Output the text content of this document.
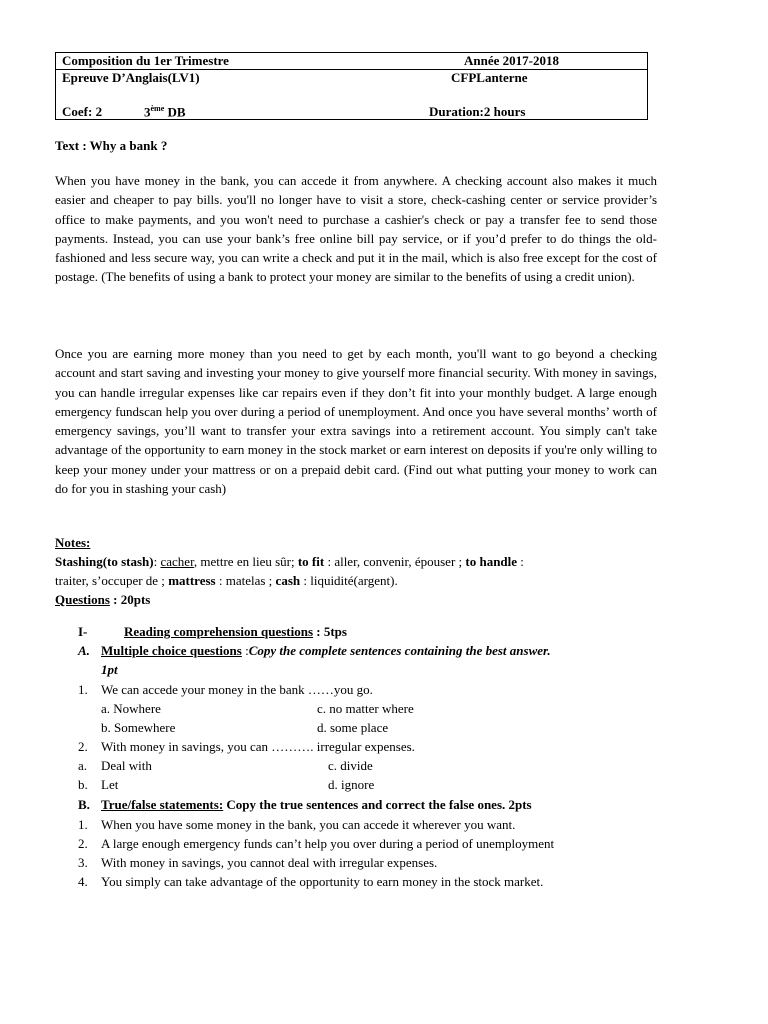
Composition du 1er Trimestre	Année 2017-2018
Epreuve D’Anglais(LV1)	CFPLanterne
Coef: 2	3ème DB	Duration:2 hours
Text : Why a bank ?

When you have money in the bank, you can accede it from anywhere. A checking account also makes it much easier and cheaper to pay bills. you'll no longer have to visit a store, check-cashing center or service provider’s office to make payments, and you won't need to purchase a cashier's check or pay a transfer fee to send those payments. Instead, you can use your bank’s free online bill pay service, or if you’d prefer to do things the old-fashioned and less secure way, you can write a check and put it in the mail, which is also free except for the cost of postage. (The benefits of using a bank to protect your money are similar to the benefits of using a credit union).

Once you are earning more money than you need to get by each month, you'll want to go beyond a checking account and start saving and investing your money to give yourself more financial security. With money in savings, you can handle irregular expenses like car repairs even if they don’t fit into your monthly budget. A large enough emergency fundscan help you over during a period of unemployment. And once you have several months’ worth of emergency savings, you’ll want to transfer your extra savings into a retirement account. You simply can't take advantage of the opportunity to earn money in the stock market or earn interest on deposits if you're only willing to keep your money under your mattress or on a prepaid debit card. (Find out what putting your money to work can do for you in stashing your cash)

Notes:
Stashing(to stash): cacher, mettre en lieu sûr; to fit : aller, convenir, épouser ; to handle :
traiter, s’occuper de ; mattress : matelas ; cash : liquidité(argent).
Questions : 20pts
I-	Reading comprehension questions : 5tps
A. Multiple choice questions :Copy the complete sentences containing the best answer.
1pt
1. We can accede your money in the bank ……you go.
a. Nowhere	c. no matter where
b. Somewhere	d. some place
2. With money in savings, you can ………. irregular expenses.
a. Deal with	c. divide
b. Let	d. ignore
B. True/false statements: Copy the true sentences and correct the false ones. 2pts
1. When you have some money in the bank, you can accede it wherever you want.
2. A large enough emergency funds can’t help you over during a period of unemployment
3. With money in savings, you cannot deal with irregular expenses.
4. You simply can take advantage of the opportunity to earn money in the stock market.
